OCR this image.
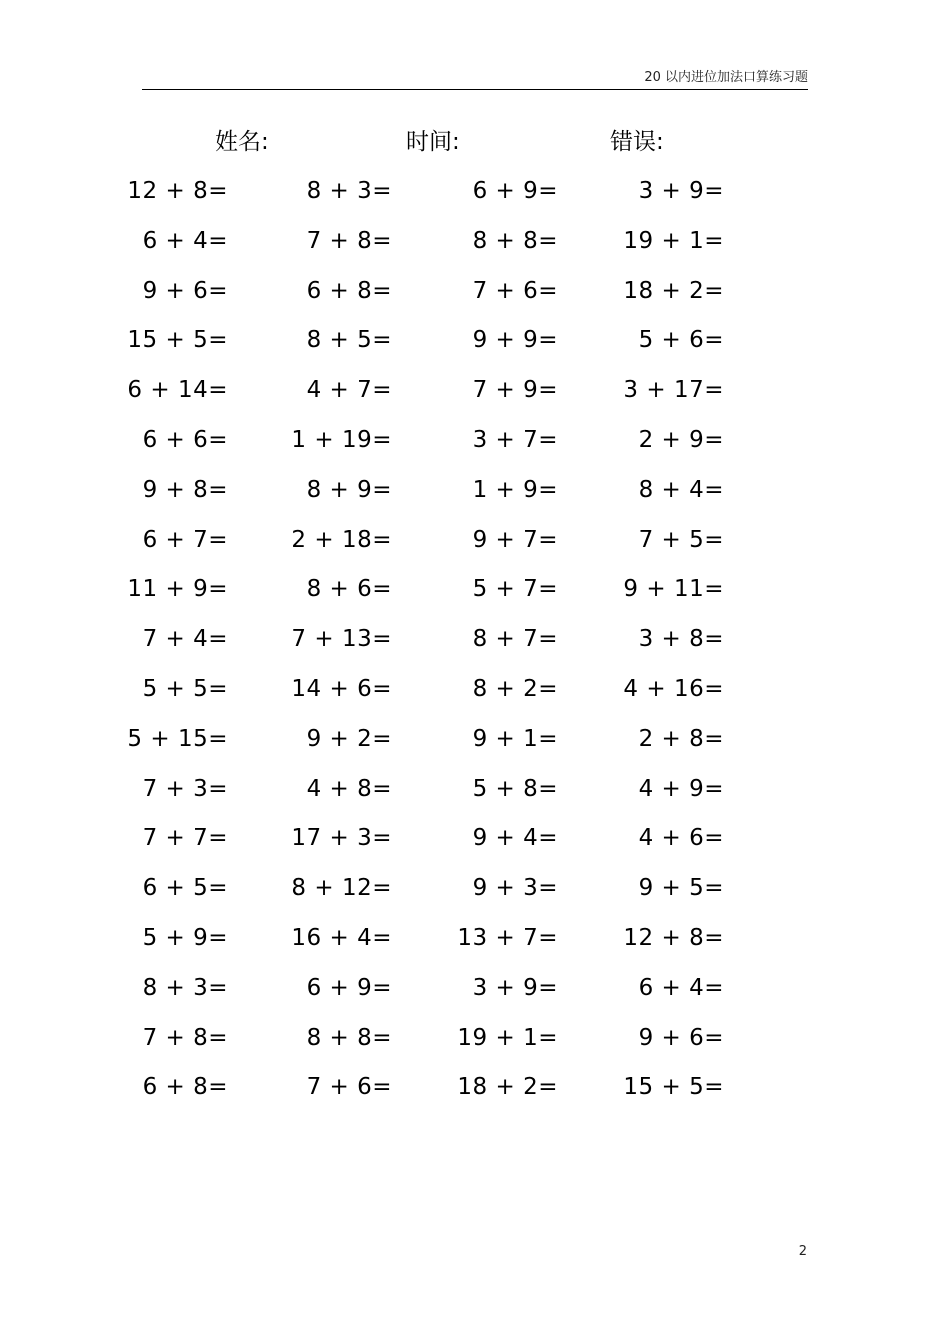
20 以内进位加法口算练习题
姓名:	时间:	错误:
12 + 8=	8 + 3=	6 + 9=	3 + 9=
6 + 4=	7 + 8=	8 + 8=	19 + 1=
9 + 6=	6 + 8=	7 + 6=	18 + 2=
15 + 5=	8 + 5=	9 + 9=	5 + 6=
6 + 14=	4 + 7=	7 + 9=	3 + 17=
6 + 6=	1 + 19=	3 + 7=	2 + 9=
9 + 8=	8 + 9=	1 + 9=	8 + 4=
6 + 7=	2 + 18=	9 + 7=	7 + 5=
11 + 9=	8 + 6=	5 + 7=	9 + 11=
7 + 4=	7 + 13=	8 + 7=	3 + 8=
5 + 5=	14 + 6=	8 + 2=	4 + 16=
5 + 15=	9 + 2=	9 + 1=	2 + 8=
7 + 3=	4 + 8=	5 + 8=	4 + 9=
7 + 7=	17 + 3=	9 + 4=	4 + 6=
6 + 5=	8 + 12=	9 + 3=	9 + 5=
5 + 9=	16 + 4=	13 + 7=	12 + 8=
8 + 3=	6 + 9=	3 + 9=	6 + 4=
7 + 8=	8 + 8=	19 + 1=	9 + 6=
6 + 8=	7 + 6=	18 + 2=	15 + 5=
2
